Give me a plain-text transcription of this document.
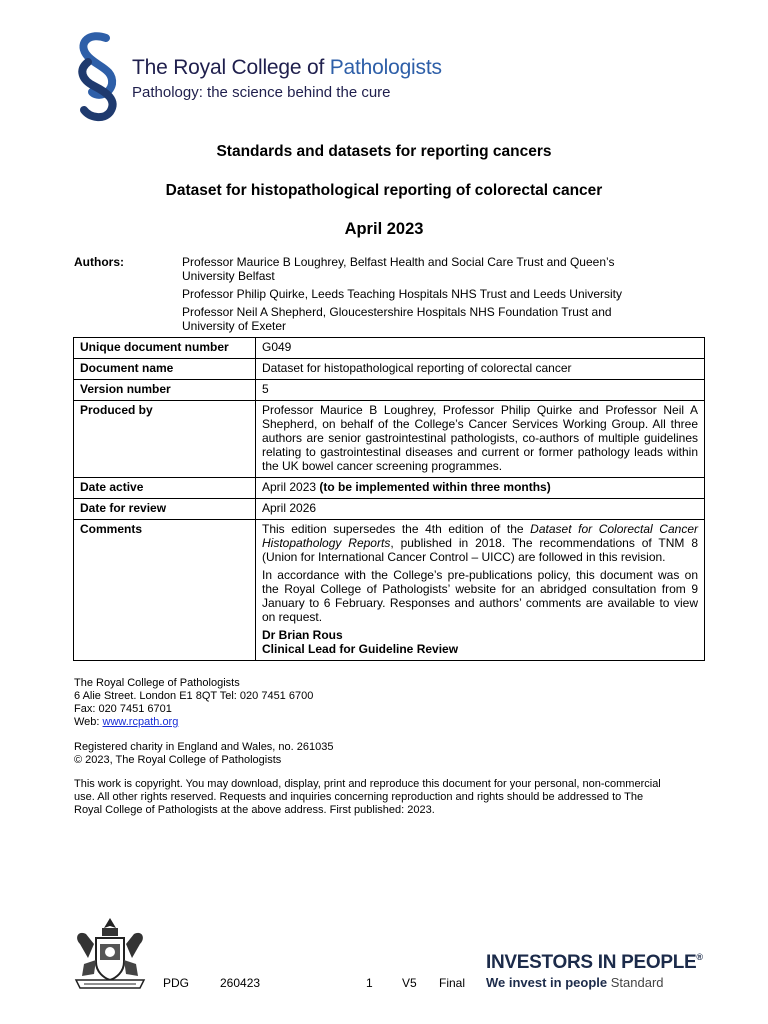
The Royal College of Pathologists
Pathology: the science behind the cure
Standards and datasets for reporting cancers
Dataset for histopathological reporting of colorectal cancer
April 2023
Authors:	Professor Maurice B Loughrey, Belfast Health and Social Care Trust and Queen’s University Belfast
Professor Philip Quirke, Leeds Teaching Hospitals NHS Trust and Leeds University
Professor Neil A Shepherd, Gloucestershire Hospitals NHS Foundation Trust and University of Exeter
Unique document number	G049
Document name	Dataset for histopathological reporting of colorectal cancer
Version number	5
Produced by	Professor Maurice B Loughrey, Professor Philip Quirke and Professor Neil A Shepherd, on behalf of the College’s Cancer Services Working Group. All three authors are senior gastrointestinal pathologists, co-authors of multiple guidelines relating to gastrointestinal diseases and current or former pathology leads within the UK bowel cancer screening programmes.
Date active	April 2023 (to be implemented within three months)
Date for review	April 2026
Comments	This edition supersedes the 4th edition of the Dataset for Colorectal Cancer Histopathology Reports, published in 2018. The recommendations of TNM 8 (Union for International Cancer Control – UICC) are followed in this revision.
In accordance with the College’s pre-publications policy, this document was on the Royal College of Pathologists’ website for an abridged consultation from 9 January to 6 February. Responses and authors’ comments are available to view on request.
Dr Brian Rous
Clinical Lead for Guideline Review
The Royal College of Pathologists
6 Alie Street. London E1 8QT Tel: 020 7451 6700
Fax: 020 7451 6701
Web: www.rcpath.org
Registered charity in England and Wales, no. 261035
© 2023, The Royal College of Pathologists
This work is copyright. You may download, display, print and reproduce this document for your personal, non-commercial use. All other rights reserved. Requests and inquiries concerning reproduction and rights should be addressed to The Royal College of Pathologists at the above address. First published: 2023.
PDG	260423	1 V5 Final
INVESTORS IN PEOPLE®
We invest in people Standard
